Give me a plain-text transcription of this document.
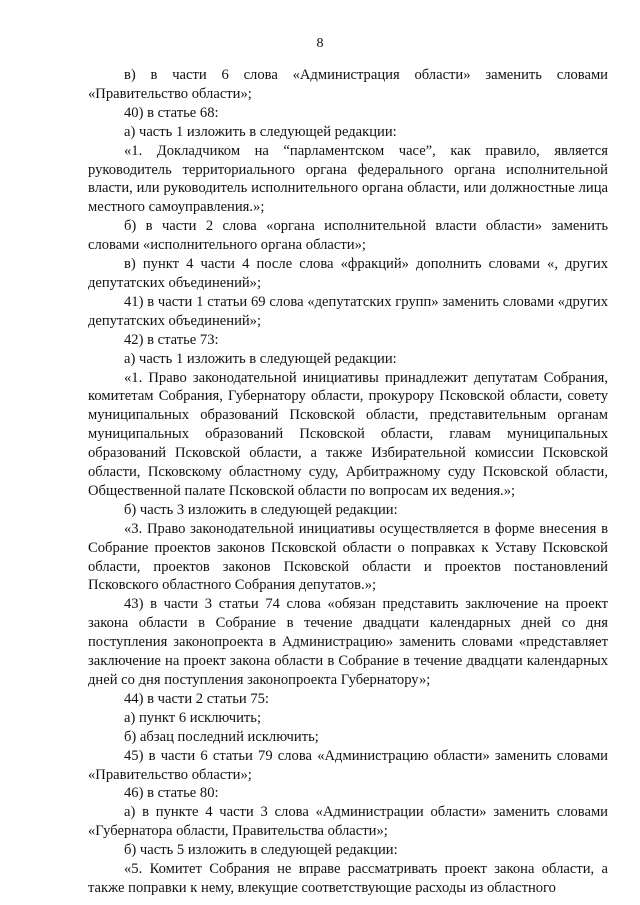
8

в) в части 6 слова «Администрация области» заменить словами «Правительство области»;

40) в статье 68:

а) часть 1 изложить в следующей редакции:

«1. Докладчиком на “парламентском часе”, как правило, является руководитель территориального органа федерального органа исполнительной власти, или руководитель исполнительного органа области, или должностные лица местного самоуправления.»;

б) в части 2 слова «органа исполнительной власти области» заменить словами «исполнительного органа области»;

в) пункт 4 части 4 после слова «фракций» дополнить словами «, других депутатских объединений»;

41) в части 1 статьи 69 слова «депутатских групп» заменить словами «других депутатских объединений»;

42) в статье 73:

а) часть 1 изложить в следующей редакции:

«1. Право законодательной инициативы принадлежит депутатам Собрания, комитетам Собрания, Губернатору области, прокурору Псковской области, совету муниципальных образований Псковской области, представительным органам муниципальных образований Псковской области, главам муниципальных образований Псковской области, а также Избирательной комиссии Псковской области, Псковскому областному суду, Арбитражному суду Псковской области, Общественной палате Псковской области по вопросам их ведения.»;

б) часть 3 изложить в следующей редакции:

«3. Право законодательной инициативы осуществляется в форме внесения в Собрание проектов законов Псковской области о поправках к Уставу Псковской области, проектов законов Псковской области и проектов постановлений Псковского областного Собрания депутатов.»;

43) в части 3 статьи 74 слова «обязан представить заключение на проект закона области в Собрание в течение двадцати календарных дней со дня поступления законопроекта в Администрацию» заменить словами «представляет заключение на проект закона области в Собрание в течение двадцати календарных дней со дня поступления законопроекта Губернатору»;

44) в части 2 статьи 75:

а) пункт 6 исключить;

б) абзац последний исключить;

45) в части 6 статьи 79 слова «Администрацию области» заменить словами «Правительство области»;

46) в статье 80:

а) в пункте 4 части 3 слова «Администрации области» заменить словами «Губернатора области, Правительства области»;

б) часть 5 изложить в следующей редакции:

«5. Комитет Собрания не вправе рассматривать проект закона области, а также поправки к нему, влекущие соответствующие расходы из областного
